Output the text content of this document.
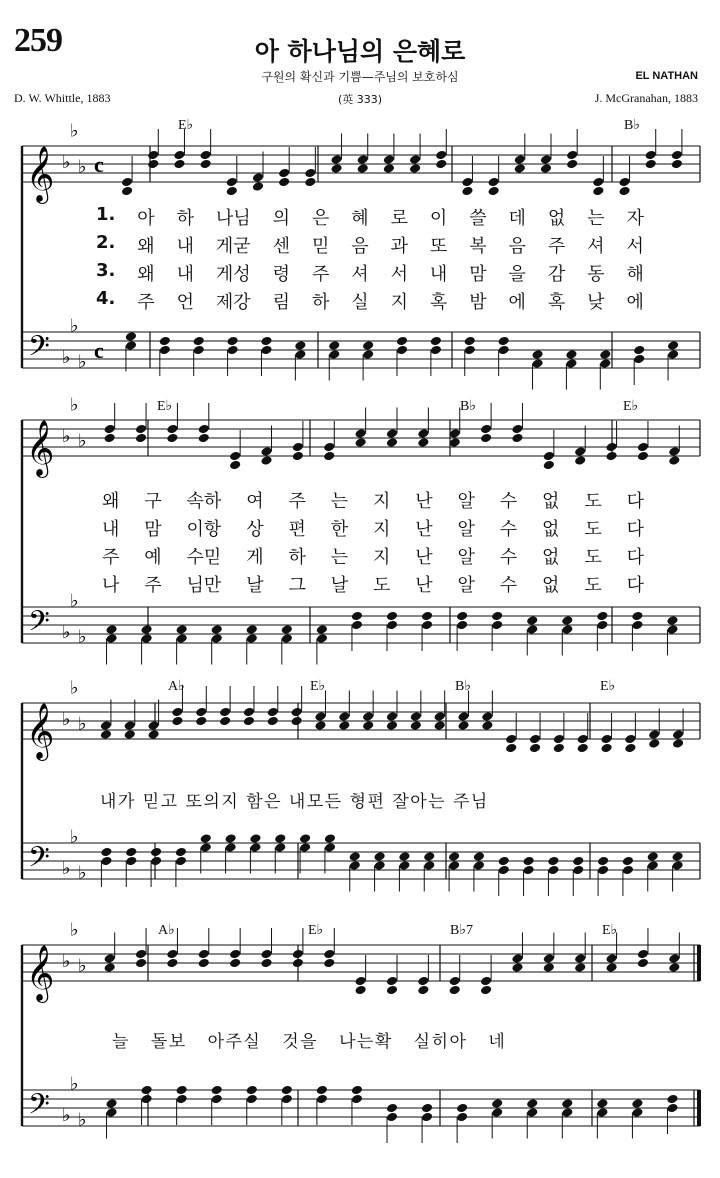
259	아 하나님의 은혜로
구원의 확신과 기쁨—주님의 보호하심	EL NATHAN
D. W. Whittle, 1883	(英 333)	J. McGranahan, 1883
𝄞
𝄢
♭
♭
♭
♭
♭
♭
c
c
𝄞
𝄢
♭
♭
♭
♭
♭
♭
𝄞
𝄢
♭
♭
♭
♭
♭
♭
𝄞
𝄢
♭
♭
♭
♭
♭
♭
E♭	B♭
E♭	B♭	E♭
A♭	E♭	B♭	E♭
A♭	E♭	B♭7	E♭
1. 아 하 나님 의 은 혜 로 이 쓸 데 없 는 자
2. 왜 내 게굳 센 믿 음 과 또 복 음 주 셔 서
3. 왜 내 게성 령 주 셔 서 내 맘 을 감 동 해
4. 주 언 제강 림 하 실 지 혹 밤 에 혹 낮 에
왜 구 속하 여 주 는 지 난 알 수 없 도 다
내 맘 이항 상 편 한 지 난 알 수 없 도 다
주 예 수믿 게 하 는 지 난 알 수 없 도 다
나 주 님만 날 그 날 도 난 알 수 없 도 다
내가 믿고 또의지 함은 내모든 형편 잘아는 주님
늘 돌보 아주실 것을 나는확 실히아 네
